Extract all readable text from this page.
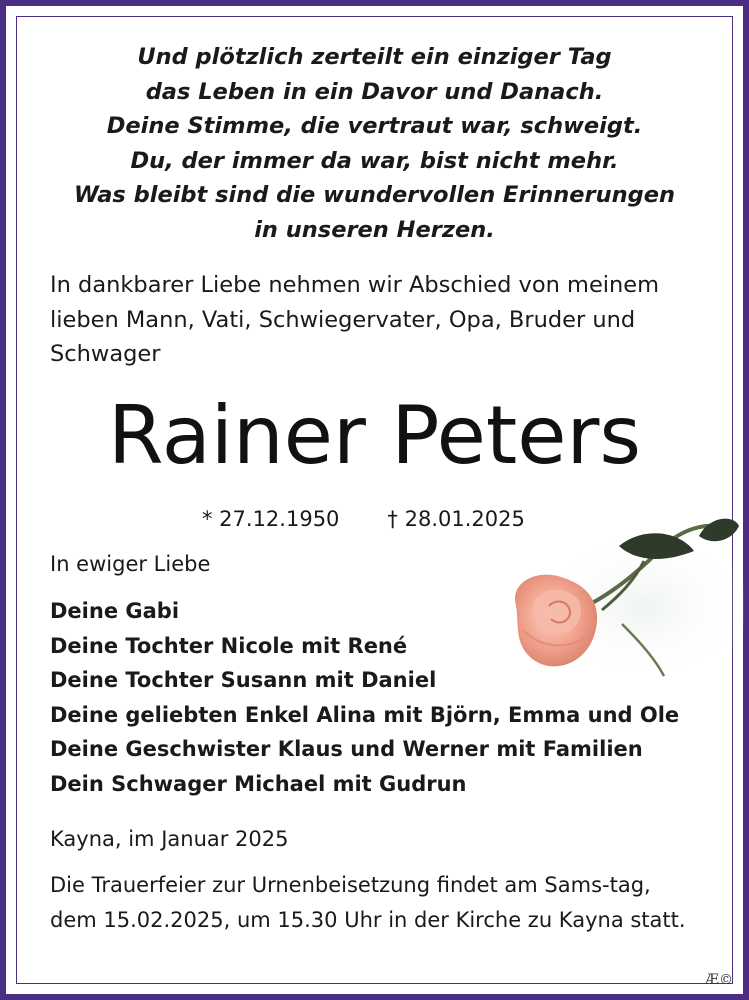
Und plötzlich zerteilt ein einziger Tag
das Leben in ein Davor und Danach.
Deine Stimme, die vertraut war, schweigt.
Du, der immer da war, bist nicht mehr.
Was bleibt sind die wundervollen Erinnerungen
in unseren Herzen.
In dankbarer Liebe nehmen wir Abschied von meinem lieben Mann, Vati, Schwiegervater, Opa, Bruder und Schwager
Rainer Peters
* 27.12.1950 † 28.01.2025
In ewiger Liebe
Deine Gabi
Deine Tochter Nicole mit René
Deine Tochter Susann mit Daniel
Deine geliebten Enkel Alina mit Björn, Emma und Ole
Deine Geschwister Klaus und Werner mit Familien
Dein Schwager Michael mit Gudrun
Kayna, im Januar 2025
Die Trauerfeier zur Urnenbeisetzung findet am Sams-tag, dem 15.02.2025, um 15.30 Uhr in der Kirche zu Kayna statt.
Æ©
